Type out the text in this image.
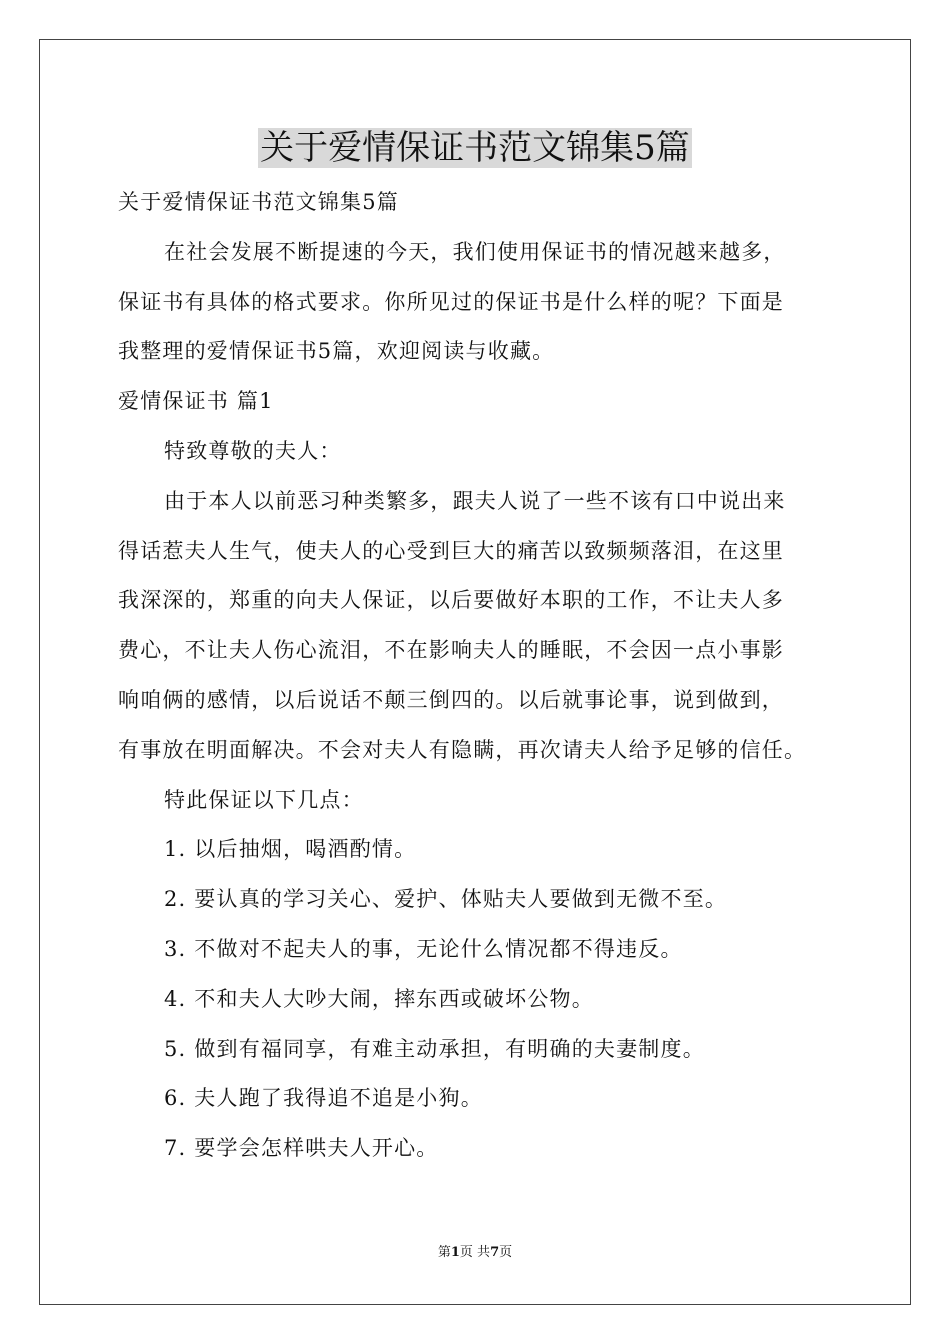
关于爱情保证书范文锦集5篇
关于爱情保证书范文锦集5篇
在社会发展不断提速的今天，我们使用保证书的情况越来越多，
保证书有具体的格式要求。你所见过的保证书是什么样的呢？下面是
我整理的爱情保证书5篇，欢迎阅读与收藏。
爱情保证书 篇1
特致尊敬的夫人：
由于本人以前恶习种类繁多，跟夫人说了一些不该有口中说出来
得话惹夫人生气，使夫人的心受到巨大的痛苦以致频频落泪，在这里
我深深的，郑重的向夫人保证，以后要做好本职的工作，不让夫人多
费心，不让夫人伤心流泪，不在影响夫人的睡眠，不会因一点小事影
响咱俩的感情，以后说话不颠三倒四的。以后就事论事，说到做到，
有事放在明面解决。不会对夫人有隐瞒，再次请夫人给予足够的信任。
特此保证以下几点：
1. 以后抽烟，喝酒酌情。
2. 要认真的学习关心、爱护、体贴夫人要做到无微不至。
3. 不做对不起夫人的事，无论什么情况都不得违反。
4. 不和夫人大吵大闹，摔东西或破坏公物。
5. 做到有福同享，有难主动承担，有明确的夫妻制度。
6. 夫人跑了我得追不追是小狗。
7. 要学会怎样哄夫人开心。
第1页 共7页
